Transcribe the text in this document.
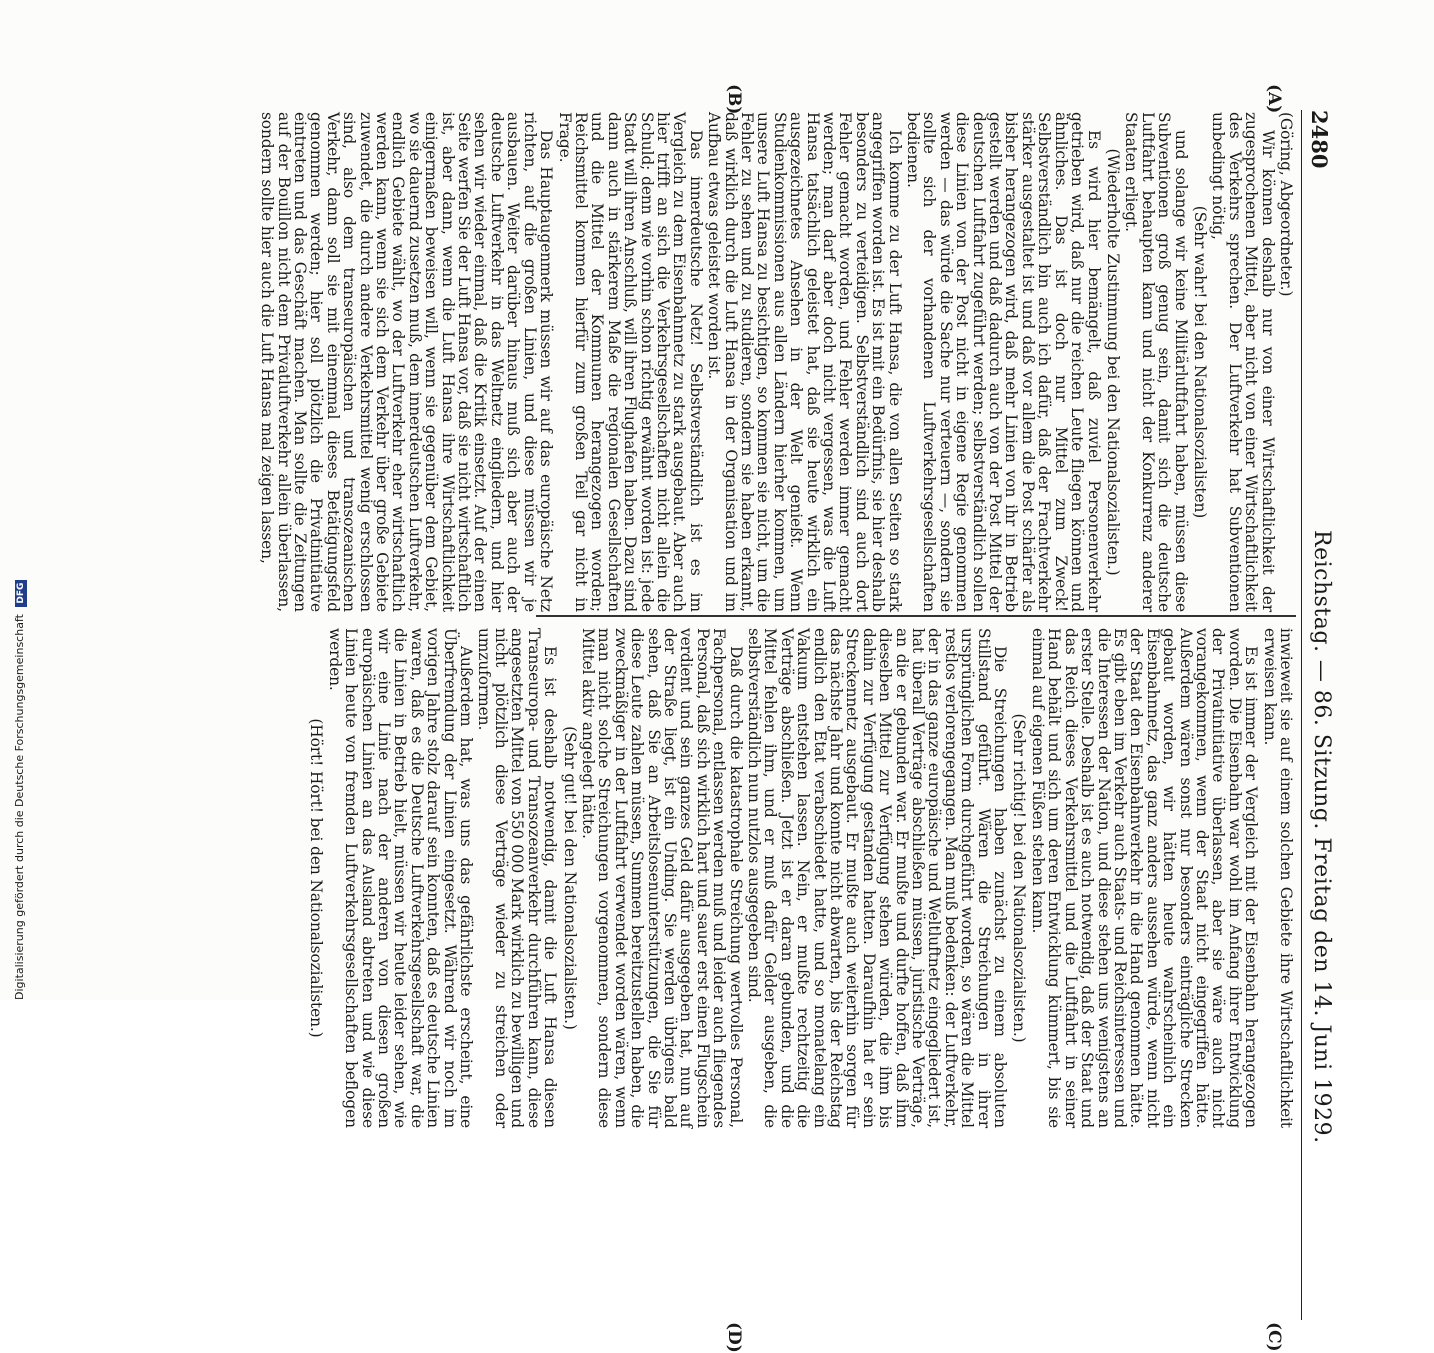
2480
Reichstag. — 86. Sitzung. Freitag den 14. Juni 1929.
(A)
(B)
(C)
(D)

(Göring, Abgeordneter.)

Wir können deshalb nur von einer Wirtschaftlichkeit der zugesprochenen Mittel, aber nicht von einer Wirtschaftlichkeit des Verkehrs sprechen. Der Luftverkehr hat Subventionen unbedingt nötig,

(Sehr wahr! bei den Nationalsozialisten)

und solange wir keine Militärluftfahrt haben, müssen diese Subventionen groß genug sein, damit sich die deutsche Luftfahrt behaupten kann und nicht der Konkurrenz anderer Staaten erliegt.

(Wiederholte Zustimmung bei den Nationalsozialisten.)

Es wird hier bemängelt, daß zuviel Personenverkehr getrieben wird, daß nur die reichen Leute fliegen können und ähnliches. Das ist doch nur Mittel zum Zweck! Selbstverständlich bin auch ich dafür, daß der Frachtverkehr stärker ausgestaltet ist und daß vor allem die Post schärfer als bisher herangezogen wird, daß mehr Linien von ihr in Betrieb gestellt werden und daß dadurch auch von der Post Mittel der deutschen Luftfahrt zugeführt werden; selbstverständlich sollen diese Linien von der Post nicht in eigene Regie genommen werden — das würde die Sache nur verteuern —, sondern sie sollte sich der vorhandenen Luftverkehrsgesellschaften bedienen.

Ich komme zu der Luft Hansa, die von allen Seiten so stark angegriffen worden ist. Es ist mit ein Bedürfnis, sie hier deshalb besonders zu verteidigen. Selbstverständlich sind auch dort Fehler gemacht worden, und Fehler werden immer gemacht werden; man darf aber doch nicht vergessen, was die Luft Hansa tatsächlich geleistet hat, daß sie heute wirklich ein ausgezeichnetes Ansehen in der Welt genießt. Wenn Studienkommissionen aus allen Ländern hierher kommen, um unsere Luft Hansa zu besichtigen, so kommen sie nicht, um die Fehler zu sehen und zu studieren, sondern sie haben erkannt, daß wirklich durch die Luft Hansa in der Organisation und im Aufbau etwas geleistet worden ist.

Das innerdeutsche Netz! Selbstverständlich ist es im Vergleich zu dem Eisenbahnnetz zu stark ausgebaut. Aber auch hier trifft an sich die Verkehrsgesellschaften nicht allein die Schuld; denn wie vorhin schon richtig erwähnt worden ist: jede Stadt will ihren Anschluß, will ihren Flughafen haben. Dazu sind dann auch in stärkerem Maße die regionalen Gesellschaften und die Mittel der Kommunen herangezogen worden; Reichsmittel kommen hierfür zum großen Teil gar nicht in Frage.

Das Hauptaugenmerk müssen wir auf das europäische Netz richten, auf die großen Linien, und diese müssen wir je ausbauen. Weiter darüber hinaus muß sich aber auch der deutsche Luftverkehr in das Weltnetz eingliedern, und hier sehen wir wieder einmal, daß die Kritik einsetzt. Auf der einen Seite werfen Sie der Luft Hansa vor, daß sie nicht wirtschaftlich ist, aber dann, wenn die Luft Hansa ihre Wirtschaftlichkeit einigermaßen beweisen will, wenn sie gegenüber dem Gebiet, wo sie dauernd zusetzen muß, dem innerdeutschen Luftverkehr, endlich Gebiete wählt, wo der Luftverkehr eher wirtschaftlich werden kann, wenn sie sich dem Verkehr über große Gebiete zuwendet, die durch andere Verkehrsmittel wenig erschlossen sind, also dem transeuropäischen und transozeanischen Verkehr, dann soll sie mit einemmal dieses Betätigungsfeld genommen werden; hier soll plötzlich die Privatinitiative eintreten und das Geschäft machen. Man sollte die Zeitungen auf der Bouillon nicht dem Privatluftverkehr allein überlassen, sondern sollte hier auch die Luft Hansa mal zeigen lassen,

inwieweit sie auf einem solchen Gebiete ihre Wirtschaftlichkeit erweisen kann.

Es ist immer der Vergleich mit der Eisenbahn herangezogen worden. Die Eisenbahn war wohl im Anfang ihrer Entwicklung der Privatinitiative überlassen, aber sie wäre auch nicht vorangekommen, wenn der Staat nicht eingegriffen hätte. Außerdem wären sonst nur besonders einträgliche Strecken gebaut worden, wir hätten heute wahrscheinlich ein Eisenbahnnetz, das ganz anders aussehen würde, wenn nicht der Staat den Eisenbahnverkehr in die Hand genommen hätte. Es gibt eben im Verkehr auch Staats- und Reichsinteressen und die Interessen der Nation, und diese stehen uns wenigstens an erster Stelle. Deshalb ist es auch notwendig, daß der Staat und das Reich dieses Verkehrsmittel und die Luftfahrt in seiner Hand behält und sich um deren Entwicklung kümmert, bis sie einmal auf eigenen Füßen stehen kann.

(Sehr richtig! bei den Nationalsozialisten.)

Die Streichungen haben zunächst zu einem absoluten Stillstand geführt. Wären die Streichungen in ihrer ursprünglichen Form durchgeführt worden, so wären die Mittel restlos verlorengegangen. Man muß bedenken: der Luftverkehr, der in das ganze europäische und Weltluftnetz eingegliedert ist, hat überall Verträge abschließen müssen, juristische Verträge, an die er gebunden war. Er mußte und durfte hoffen, daß ihm dieselben Mittel zur Verfügung stehen würden, die ihm bis dahin zur Verfügung gestanden hatten. Daraufhin hat er sein Streckennetz ausgebaut. Er mußte auch weiterhin sorgen für das nächste Jahr und konnte nicht abwarten, bis der Reichstag endlich den Etat verabschiedet hatte, und so monatelang ein Vakuum entstehen lassen. Nein, er mußte rechtzeitig die Verträge abschließen. Jetzt ist er daran gebunden, und die Mittel fehlen ihm, und er muß dafür Gelder ausgeben, die selbstverständlich nun nutzlos ausgegeben sind.

Daß durch die katastrophale Streichung wertvolles Personal, Fachpersonal, entlassen werden muß und leider auch fliegendes Personal, daß sich wirklich hart und sauer erst einen Flugschein verdient und sein ganzes Geld dafür ausgegeben hat, nun auf der Straße liegt, ist ein Unding. Sie werden übrigens bald sehen, daß Sie an Arbeitslosenunterstützungen, die Sie für diese Leute zahlen müssen, Summen bereitzustellen haben, die zweckmäßiger in der Luftfahrt verwendet worden wären, wenn man nicht solche Streichungen vorgenommen, sondern diese Mittel aktiv angelegt hätte.

(Sehr gut! bei den Nationalsozialisten.)

Es ist deshalb notwendig, damit die Luft Hansa diesen Transeuropa- und Transozeanverkehr durchführen kann, diese angesetzten Mittel von 550 000 Mark wirklich zu bewilligen und nicht plötzlich diese Verträge wieder zu streichen oder umzuformen.

Außerdem hat, was uns das gefährlichste erscheint, eine Überfremdung der Linien eingesetzt. Während wir noch im vorigen Jahre stolz darauf sein konnten, daß es deutsche Linien waren, daß es die Deutsche Luftverkehrsgesellschaft war, die die Linien in Betrieb hielt, müssen wir heute leider sehen, wie wir eine Linie nach der anderen von diesen großen europäischen Linien an das Ausland abtreten und wie diese Linien heute von fremden Luftverkehrsgesellschaften beflogen werden.

(Hört! Hört! bei den Nationalsozialisten.)

Digitalisierung gefördert durch die Deutsche Forschungsgemeinschaft DFG
